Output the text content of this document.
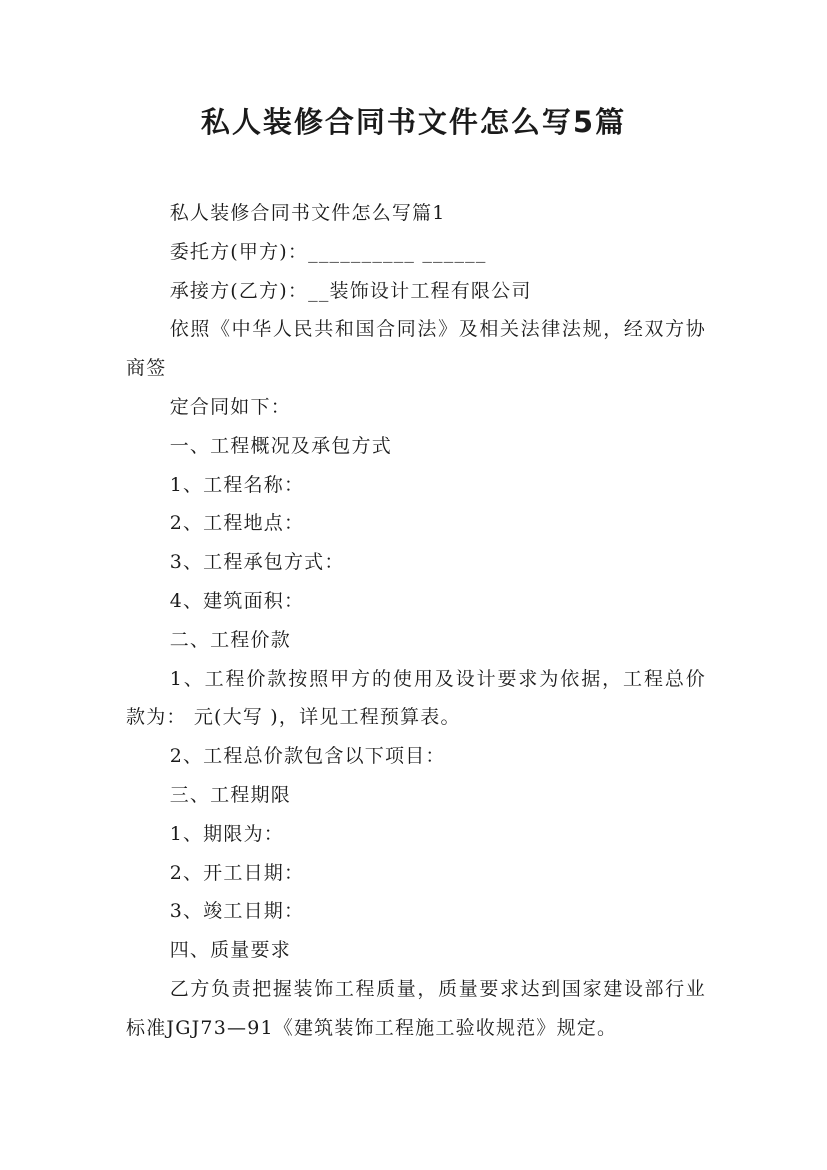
私人装修合同书文件怎么写5篇

私人装修合同书文件怎么写篇1

委托方(甲方)：__________ ______

承接方(乙方)：__装饰设计工程有限公司

依照《中华人民共和国合同法》及相关法律法规，经双方协商签

定合同如下：

一、工程概况及承包方式

1、工程名称：

2、工程地点：

3、工程承包方式：

4、建筑面积：

二、工程价款

1、工程价款按照甲方的使用及设计要求为依据，工程总价款为： 元(大写 )，详见工程预算表。

2、工程总价款包含以下项目：

三、工程期限

1、期限为：

2、开工日期：

3、竣工日期：

四、质量要求

乙方负责把握装饰工程质量，质量要求达到国家建设部行业标准JGJ73—91《建筑装饰工程施工验收规范》规定。
